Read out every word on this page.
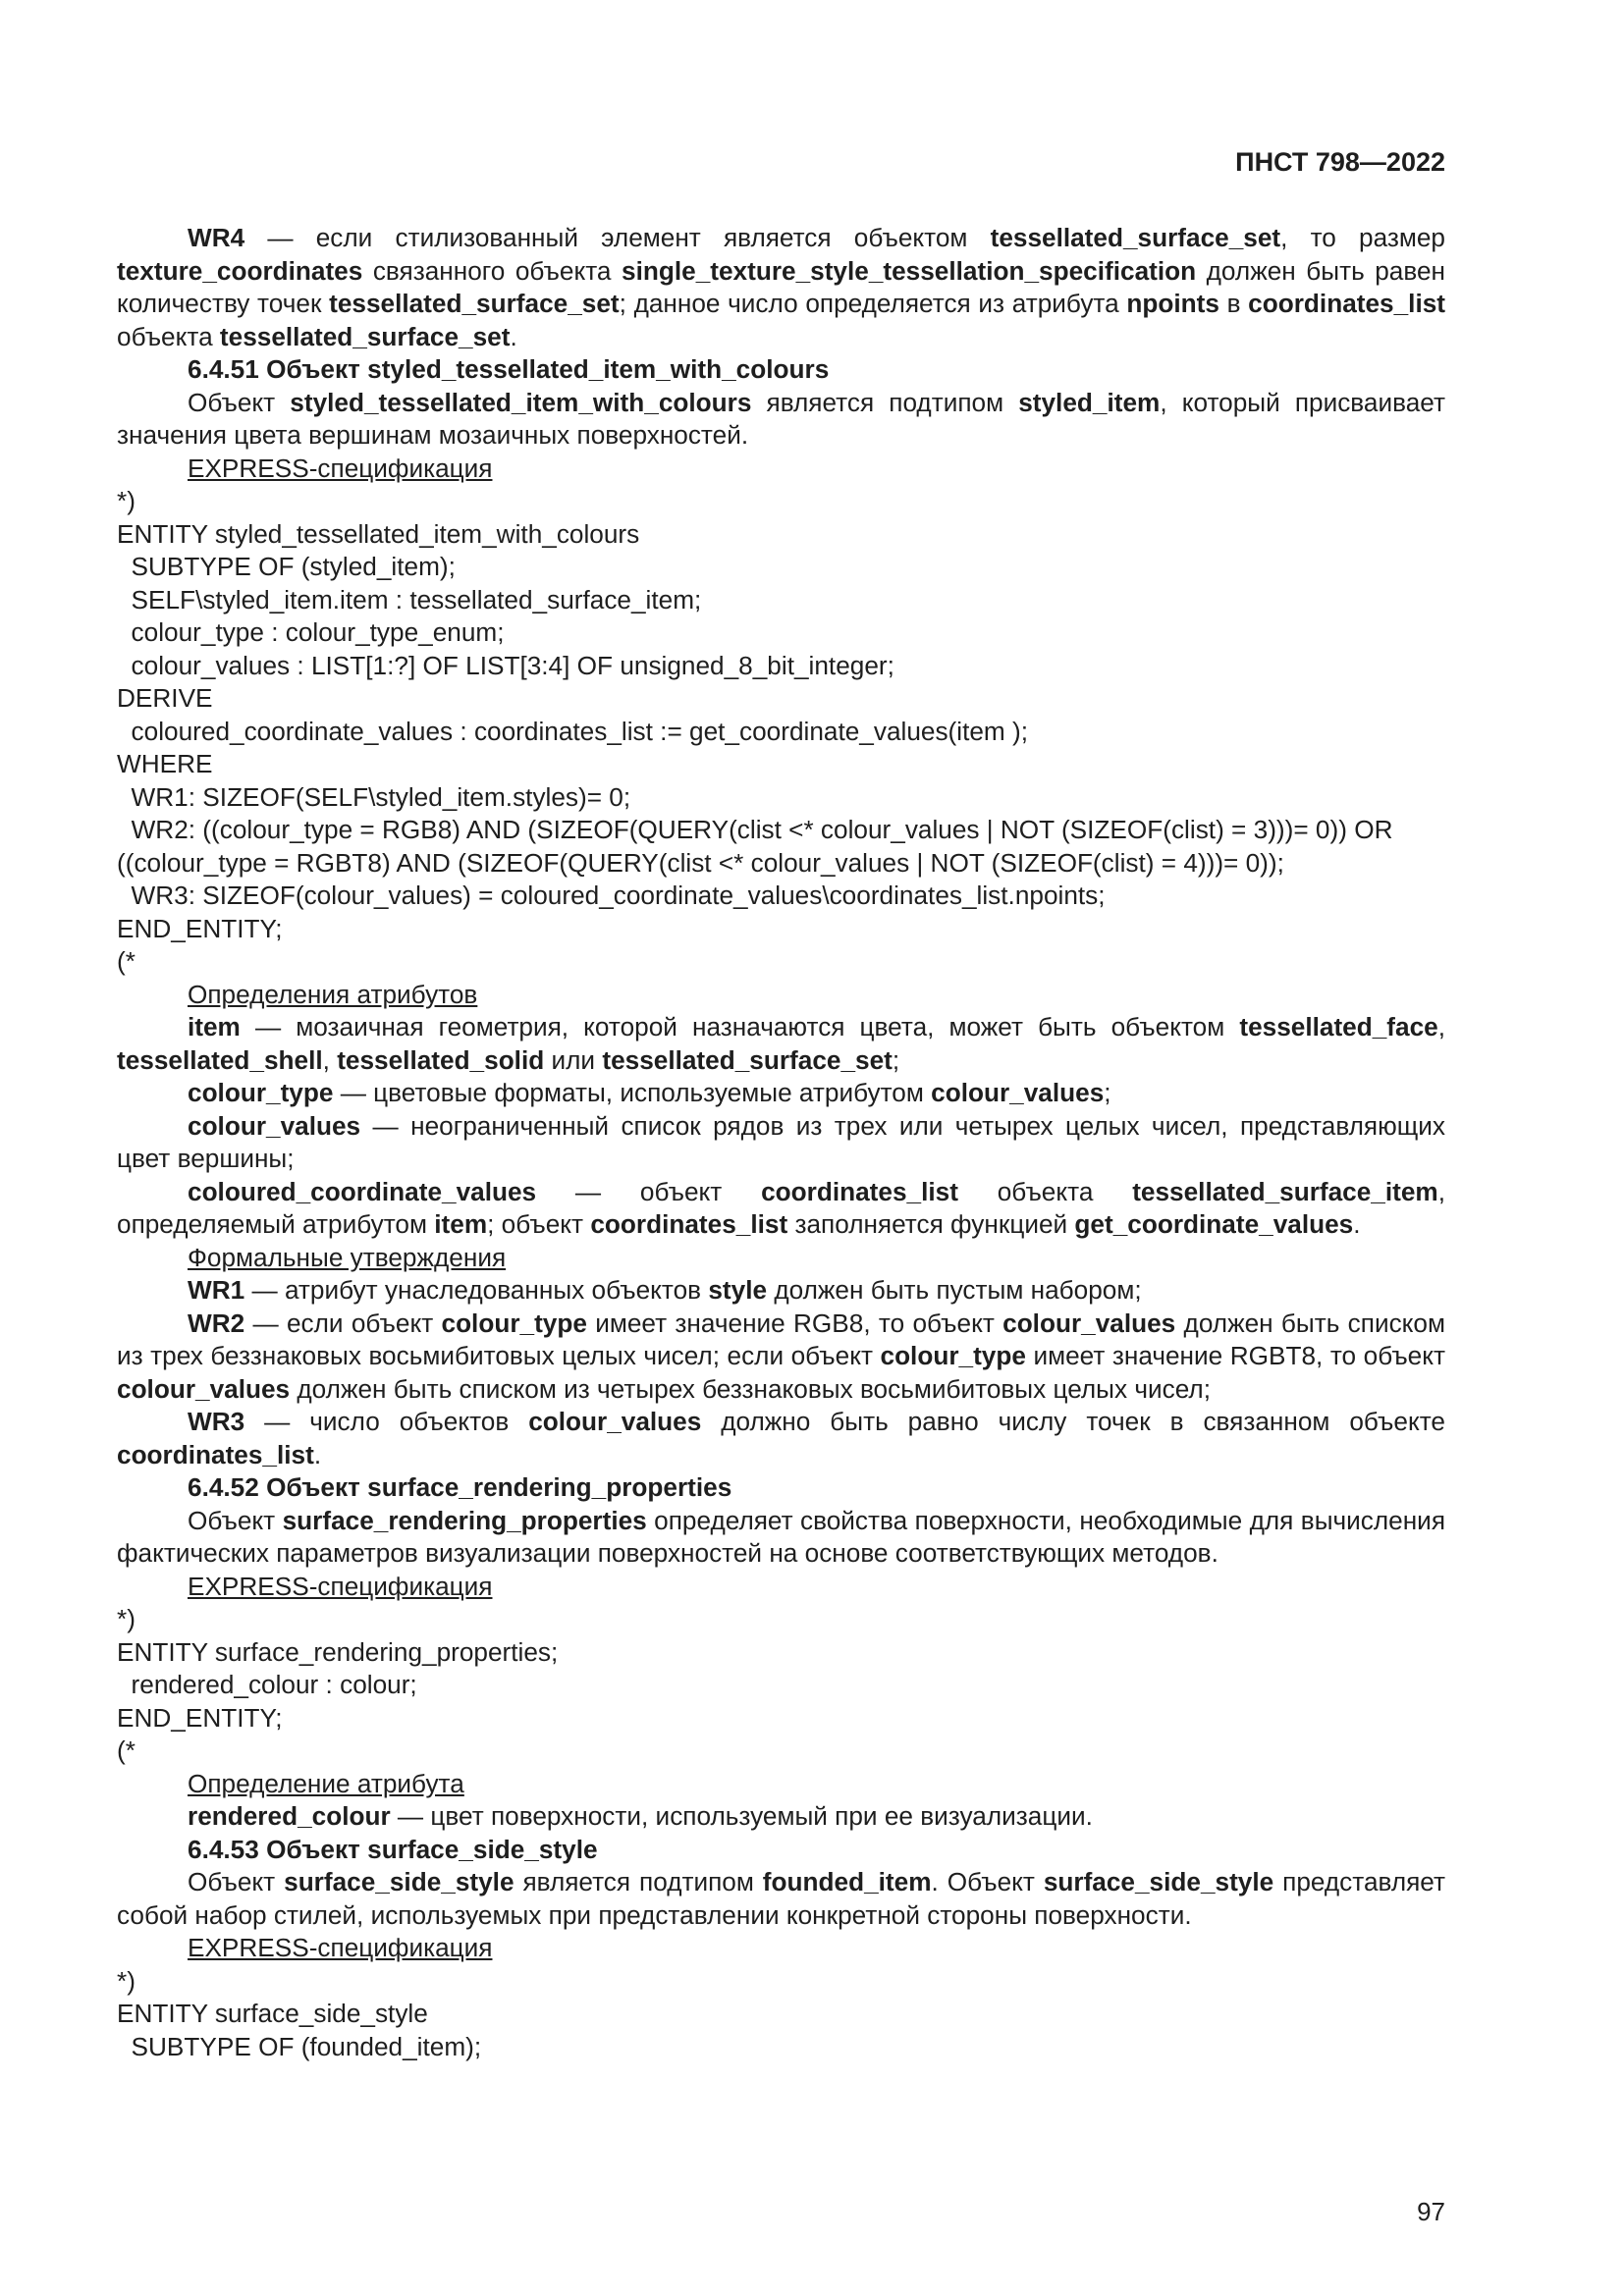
ПНСТ 798—2022

WR4 — если стилизованный элемент является объектом tessellated_surface_set, то размер texture_coordinates связанного объекта single_texture_style_tessellation_specification должен быть равен количеству точек tessellated_surface_set; данное число определяется из атрибута npoints в coordinates_list объекта tessellated_surface_set.

6.4.51 Объект styled_tessellated_item_with_colours

Объект styled_tessellated_item_with_colours является подтипом styled_item, который присваивает значения цвета вершинам мозаичных поверхностей.

EXPRESS-спецификация

*)

ENTITY styled_tessellated_item_with_colours

SUBTYPE OF (styled_item);

SELF\styled_item.item : tessellated_surface_item;

colour_type : colour_type_enum;

colour_values : LIST[1:?] OF LIST[3:4] OF unsigned_8_bit_integer;

DERIVE

coloured_coordinate_values : coordinates_list := get_coordinate_values(item );

WHERE

WR1: SIZEOF(SELF\styled_item.styles)= 0;

WR2: ((colour_type = RGB8) AND (SIZEOF(QUERY(clist <* colour_values | NOT (SIZEOF(clist) = 3)))= 0)) OR ((colour_type = RGBT8) AND (SIZEOF(QUERY(clist <* colour_values | NOT (SIZEOF(clist) = 4)))= 0));

WR3: SIZEOF(colour_values) = coloured_coordinate_values\coordinates_list.npoints;

END_ENTITY;

(*

Определения атрибутов

item — мозаичная геометрия, которой назначаются цвета, может быть объектом tessellated_face, tessellated_shell, tessellated_solid или tessellated_surface_set;

colour_type — цветовые форматы, используемые атрибутом colour_values;

colour_values — неограниченный список рядов из трех или четырех целых чисел, представляющих цвет вершины;

coloured_coordinate_values — объект coordinates_list объекта tessellated_surface_item, определяемый атрибутом item; объект coordinates_list заполняется функцией get_coordinate_values.

Формальные утверждения

WR1 — атрибут унаследованных объектов style должен быть пустым набором;

WR2 — если объект colour_type имеет значение RGB8, то объект colour_values должен быть списком из трех беззнаковых восьмибитовых целых чисел; если объект colour_type имеет значение RGBT8, то объект colour_values должен быть списком из четырех беззнаковых восьмибитовых целых чисел;

WR3 — число объектов colour_values должно быть равно числу точек в связанном объекте coordinates_list.

6.4.52 Объект surface_rendering_properties

Объект surface_rendering_properties определяет свойства поверхности, необходимые для вычисления фактических параметров визуализации поверхностей на основе соответствующих методов.

EXPRESS-спецификация

*)

ENTITY surface_rendering_properties;

rendered_colour : colour;

END_ENTITY;

(*

Определение атрибута

rendered_colour — цвет поверхности, используемый при ее визуализации.

6.4.53 Объект surface_side_style

Объект surface_side_style является подтипом founded_item. Объект surface_side_style представляет собой набор стилей, используемых при представлении конкретной стороны поверхности.

EXPRESS-спецификация

*)

ENTITY surface_side_style

SUBTYPE OF (founded_item);

97
